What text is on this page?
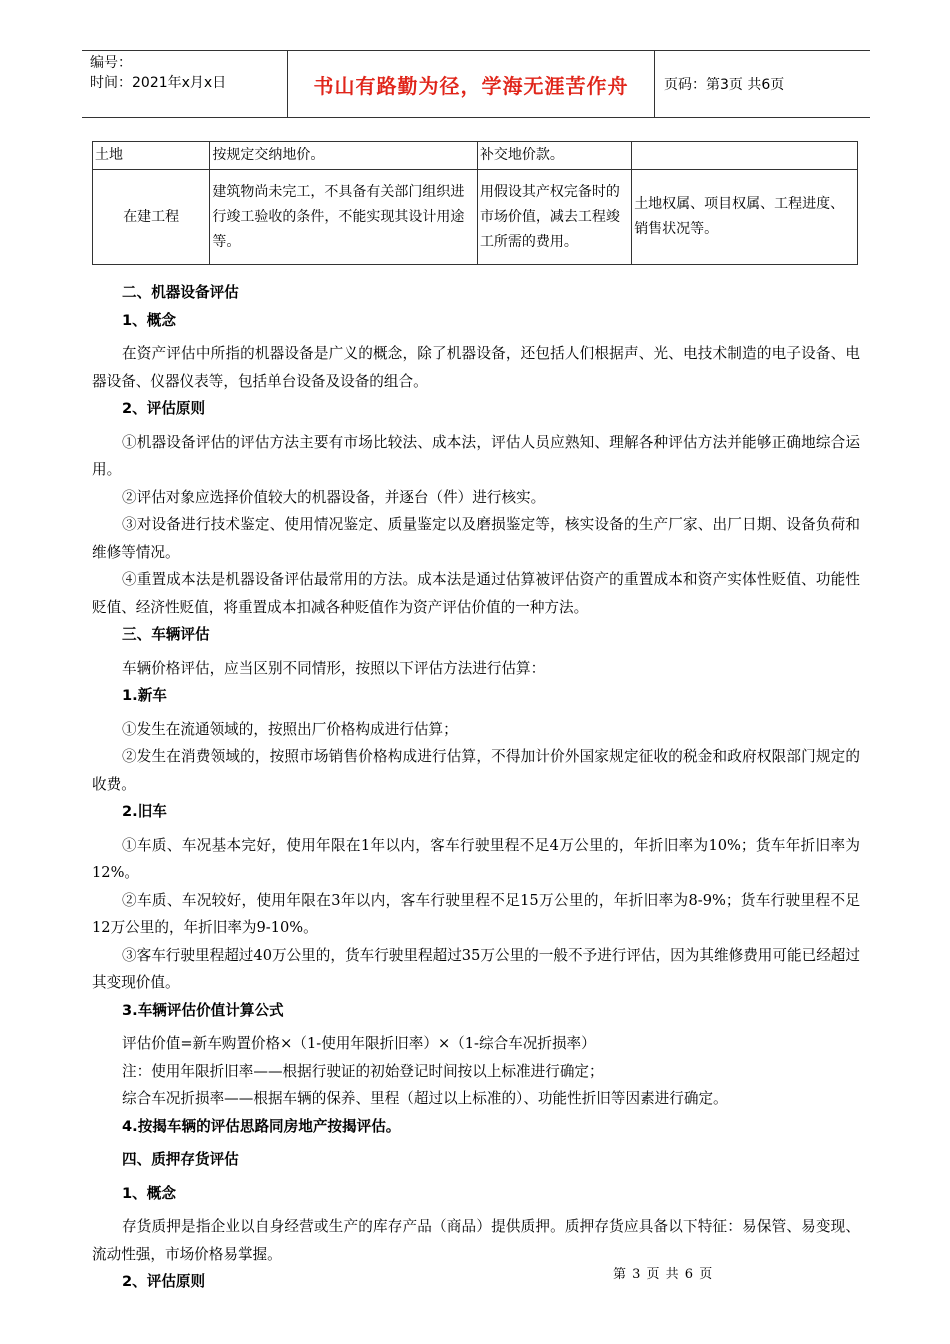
编号：
时间：2021年x月x日	书山有路勤为径，学海无涯苦作舟	页码：第3页 共6页
土地	按规定交纳地价。	补交地价款。	
在建工程	建筑物尚未完工，不具备有关部门组织进行竣工验收的条件，不能实现其设计用途等。	用假设其产权完备时的市场价值，减去工程竣工所需的费用。	土地权属、项目权属、工程进度、销售状况等。

二、机器设备评估

1、概念

在资产评估中所指的机器设备是广义的概念，除了机器设备，还包括人们根据声、光、电技术制造的电子设备、电器设备、仪器仪表等，包括单台设备及设备的组合。

2、评估原则

①机器设备评估的评估方法主要有市场比较法、成本法，评估人员应熟知、理解各种评估方法并能够正确地综合运用。

②评估对象应选择价值较大的机器设备，并逐台（件）进行核实。

③对设备进行技术鉴定、使用情况鉴定、质量鉴定以及磨损鉴定等，核实设备的生产厂家、出厂日期、设备负荷和维修等情况。

④重置成本法是机器设备评估最常用的方法。成本法是通过估算被评估资产的重置成本和资产实体性贬值、功能性贬值、经济性贬值，将重置成本扣减各种贬值作为资产评估价值的一种方法。

三、车辆评估

车辆价格评估，应当区别不同情形，按照以下评估方法进行估算：

1.新车

①发生在流通领域的，按照出厂价格构成进行估算；

②发生在消费领域的，按照市场销售价格构成进行估算，不得加计价外国家规定征收的税金和政府权限部门规定的收费。

2.旧车

①车质、车况基本完好，使用年限在1年以内，客车行驶里程不足4万公里的，年折旧率为10%；货车年折旧率为12%。

②车质、车况较好，使用年限在3年以内，客车行驶里程不足15万公里的，年折旧率为8-9%；货车行驶里程不足12万公里的，年折旧率为9-10%。

③客车行驶里程超过40万公里的，货车行驶里程超过35万公里的一般不予进行评估，因为其维修费用可能已经超过其变现价值。

3.车辆评估价值计算公式

评估价值=新车购置价格×（1-使用年限折旧率）×（1-综合车况折损率）

注：使用年限折旧率——根据行驶证的初始登记时间按以上标准进行确定；

综合车况折损率——根据车辆的保养、里程（超过以上标准的）、功能性折旧等因素进行确定。

4.按揭车辆的评估思路同房地产按揭评估。

四、质押存货评估

1、概念

存货质押是指企业以自身经营或生产的库存产品（商品）提供质押。质押存货应具备以下特征：易保管、易变现、流动性强，市场价格易掌握。

2、评估原则	第 3 页 共 6 页
